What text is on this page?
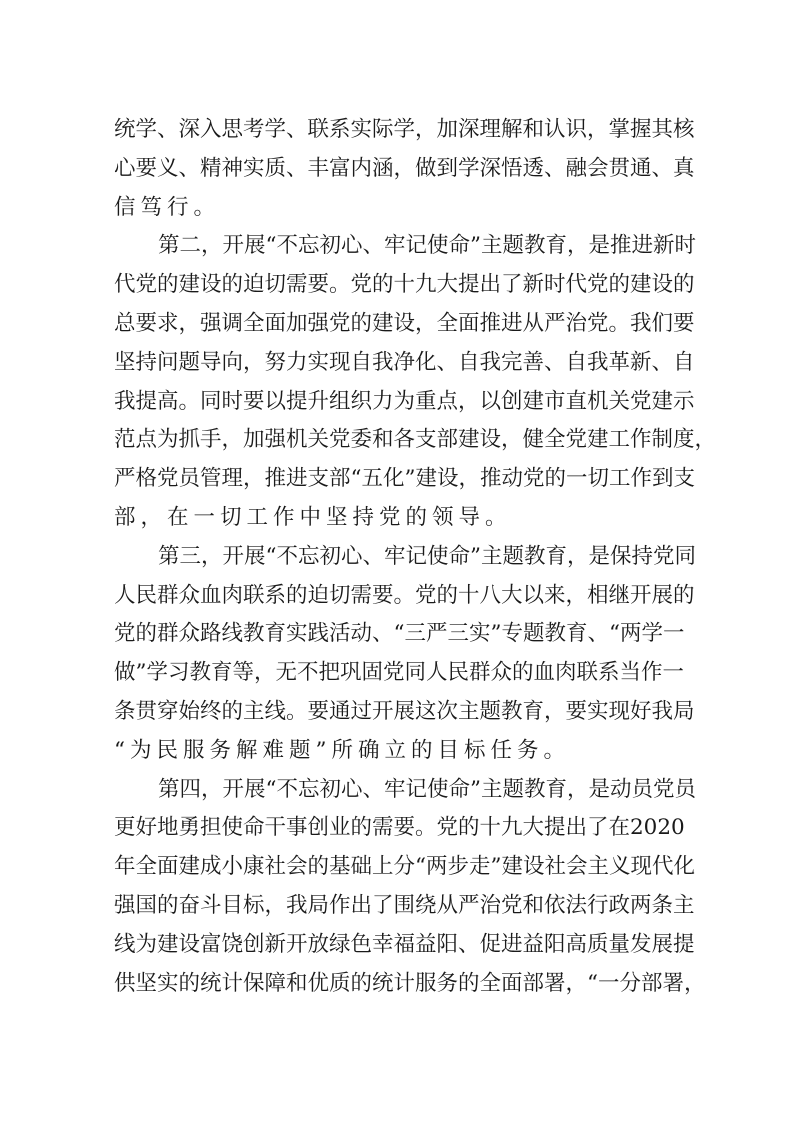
统学、深入思考学、联系实际学，加深理解和认识，掌握其核
心要义、精神实质、丰富内涵，做到学深悟透、融会贯通、真
信笃行。
第二，开展“不忘初心、牢记使命”主题教育，是推进新时
代党的建设的迫切需要。党的十九大提出了新时代党的建设的
总要求，强调全面加强党的建设，全面推进从严治党。我们要
坚持问题导向，努力实现自我净化、自我完善、自我革新、自
我提高。同时要以提升组织力为重点，以创建市直机关党建示
范点为抓手，加强机关党委和各支部建设，健全党建工作制度，
严格党员管理，推进支部“五化”建设，推动党的一切工作到支
部，在一切工作中坚持党的领导。
第三，开展“不忘初心、牢记使命”主题教育，是保持党同
人民群众血肉联系的迫切需要。党的十八大以来，相继开展的
党的群众路线教育实践活动、“三严三实”专题教育、“两学一
做”学习教育等，无不把巩固党同人民群众的血肉联系当作一
条贯穿始终的主线。要通过开展这次主题教育，要实现好我局
“为民服务解难题”所确立的目标任务。
第四，开展“不忘初心、牢记使命”主题教育，是动员党员
更好地勇担使命干事创业的需要。党的十九大提出了在2020
年全面建成小康社会的基础上分“两步走”建设社会主义现代化
强国的奋斗目标，我局作出了围绕从严治党和依法行政两条主
线为建设富饶创新开放绿色幸福益阳、促进益阳高质量发展提
供坚实的统计保障和优质的统计服务的全面部署，“一分部署，
